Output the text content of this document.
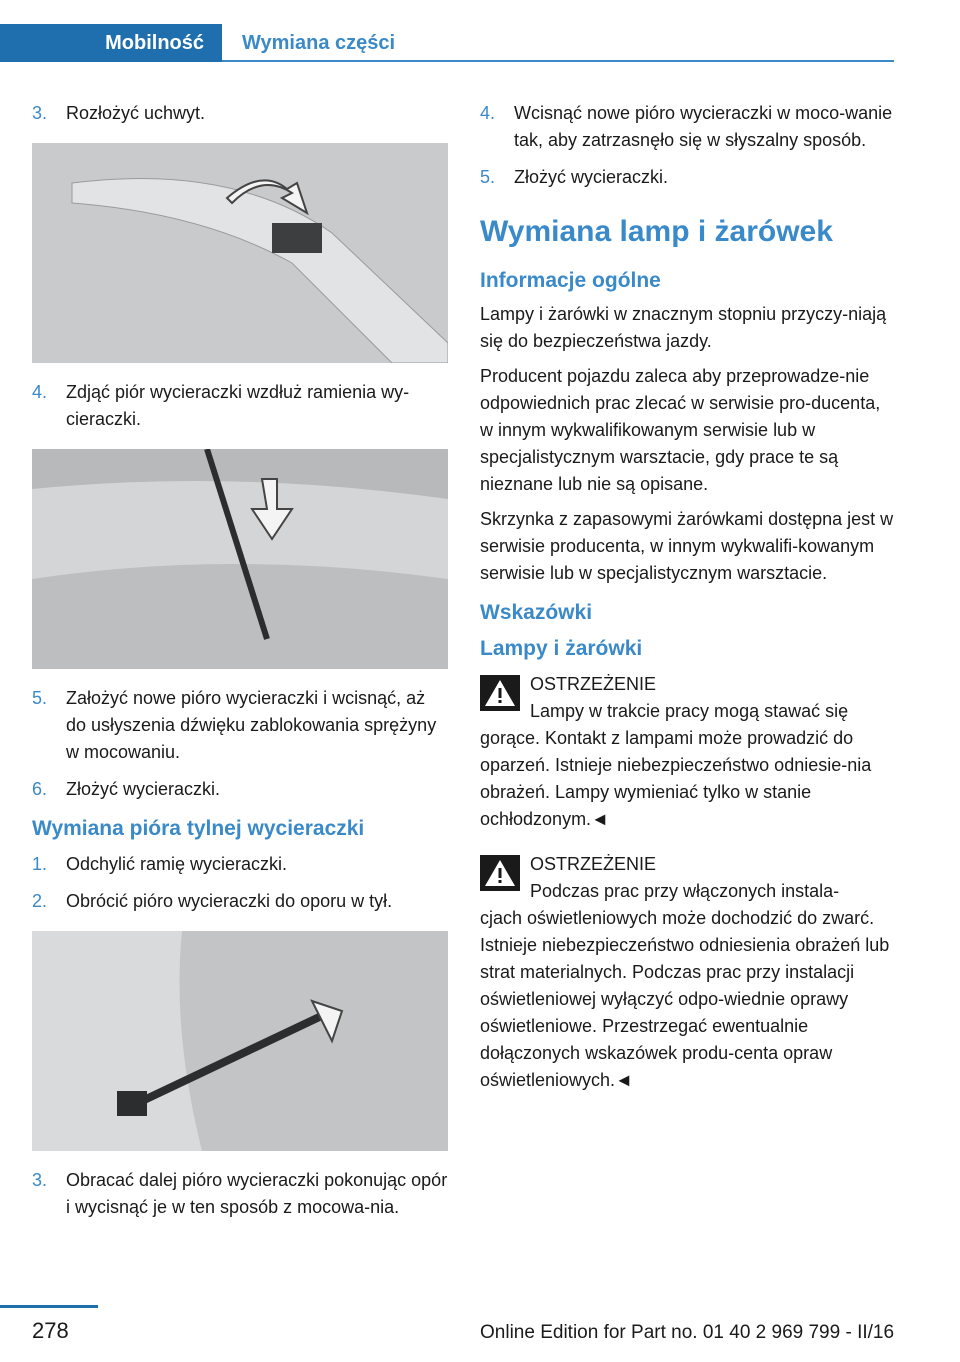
Mobilność	Wymiana części
3.	Rozłożyć uchwyt.
4.	Zdjąć piór wycieraczki wzdłuż ramienia wy-cieraczki.
5.	Założyć nowe pióro wycieraczki i wcisnąć, aż do usłyszenia dźwięku zablokowania sprężyny w mocowaniu.
6.	Złożyć wycieraczki.
Wymiana pióra tylnej wycieraczki
1.	Odchylić ramię wycieraczki.
2.	Obrócić pióro wycieraczki do oporu w tył.
3.	Obracać dalej pióro wycieraczki pokonując opór i wycisnąć je w ten sposób z mocowa-nia.
4.	Wcisnąć nowe pióro wycieraczki w moco-wanie tak, aby zatrzasnęło się w słyszalny sposób.
5.	Złożyć wycieraczki.
Wymiana lamp i żarówek
Informacje ogólne

Lampy i żarówki w znacznym stopniu przyczy-niają się do bezpieczeństwa jazdy.

Producent pojazdu zaleca aby przeprowadze-nie odpowiednich prac zlecać w serwisie pro-ducenta, w innym wykwalifikowanym serwisie lub w specjalistycznym warsztacie, gdy prace te są nieznane lub nie są opisane.

Skrzynka z zapasowymi żarówkami dostępna jest w serwisie producenta, w innym wykwalifi-kowanym serwisie lub w specjalistycznym warsztacie.

Wskazówki
Lampy i żarówki
OSTRZEŻENIE
Lampy w trakcie pracy mogą stawać się
gorące. Kontakt z lampami może prowadzić do oparzeń. Istnieje niebezpieczeństwo odniesie-nia obrażeń. Lampy wymieniać tylko w stanie ochłodzonym.◄
OSTRZEŻENIE
Podczas prac przy włączonych instala-
cjach oświetleniowych może dochodzić do zwarć. Istnieje niebezpieczeństwo odniesienia obrażeń lub strat materialnych. Podczas prac przy instalacji oświetleniowej wyłączyć odpo-wiednie oprawy oświetleniowe. Przestrzegać ewentualnie dołączonych wskazówek produ-centa opraw oświetleniowych.◄
278	Online Edition for Part no. 01 40 2 969 799 - II/16
